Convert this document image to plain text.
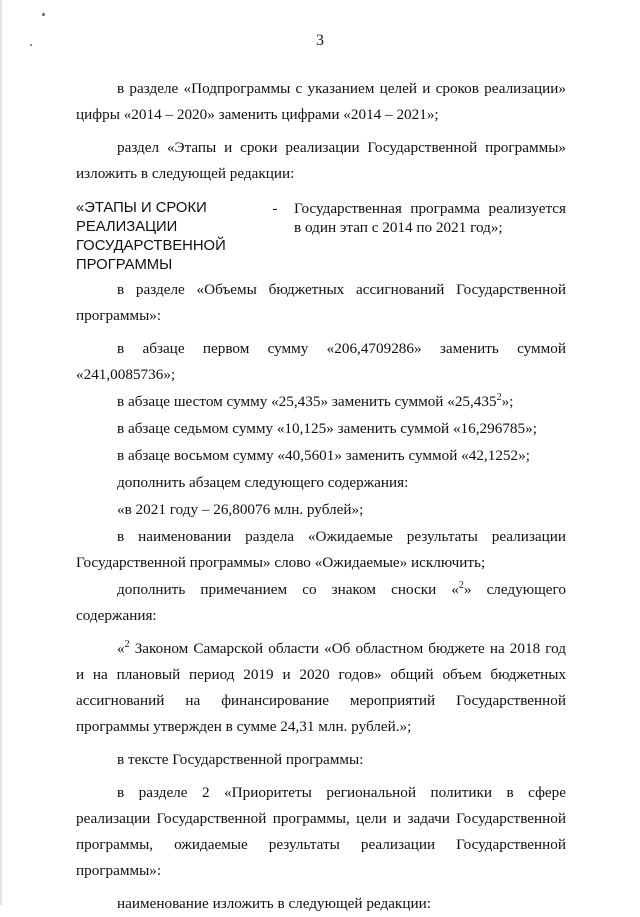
3

в разделе «Подпрограммы с указанием целей и сроков реализации» цифры «2014 – 2020» заменить цифрами «2014 – 2021»;

раздел «Этапы и сроки реализации Государственной программы» изложить в следующей редакции:

«ЭТАПЫ И СРОКИ РЕАЛИЗАЦИИ ГОСУДАРСТВЕННОЙ ПРОГРАММЫ
-	Государственная программа реализуется в один этап с 2014 по 2021 год»;

в разделе «Объемы бюджетных ассигнований Государственной программы»:

в абзаце первом сумму «206,4709286» заменить суммой «241,0085736»;

в абзаце шестом сумму «25,435» заменить суммой «25,435$^2$»;

в абзаце седьмом сумму «10,125» заменить суммой «16,296785»;

в абзаце восьмом сумму «40,5601» заменить суммой «42,1252»;

дополнить абзацем следующего содержания:

«в 2021 году – 26,80076 млн. рублей»;

в наименовании раздела «Ожидаемые результаты реализации Государственной программы» слово «Ожидаемые» исключить;

дополнить примечанием со знаком сноски «$^2$» следующего содержания:

«$^2$ Законом Самарской области «Об областном бюджете на 2018 год и на плановый период 2019 и 2020 годов» общий объем бюджетных ассигнований на финансирование мероприятий Государственной программы утвержден в сумме 24,31 млн. рублей.»;

в тексте Государственной программы:

в разделе 2 «Приоритеты региональной политики в сфере реализации Государственной программы, цели и задачи Государственной программы, ожидаемые результаты реализации Государственной программы»:

наименование изложить в следующей редакции:
